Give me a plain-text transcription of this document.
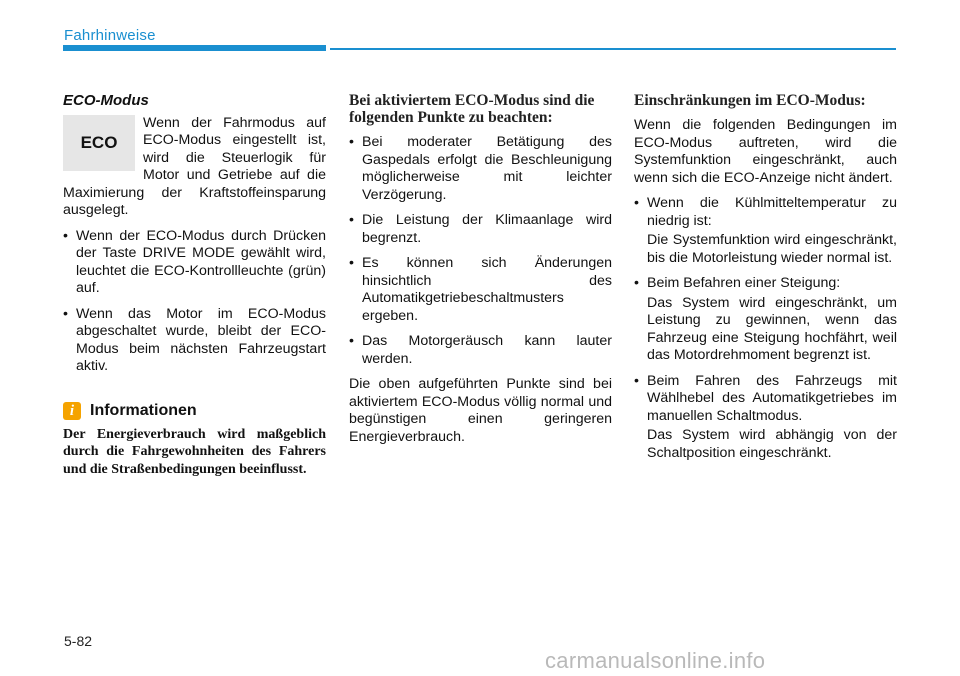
Fahrhinweise
ECO-Modus
ECO
Wenn der Fahrmodus auf ECO-Modus eingestellt ist, wird die Steuerlogik für Motor und Getriebe auf die Maximierung der Kraftstoffeinsparung ausgelegt.
• Wenn der ECO-Modus durch Drücken der Taste DRIVE MODE gewählt wird, leuchtet die ECO-Kontrollleuchte (grün) auf.
• Wenn das Motor im ECO-Modus abgeschaltet wurde, bleibt der ECO-Modus beim nächsten Fahrzeugstart aktiv.
i Informationen

Der Energieverbrauch wird maßgeblich durch die Fahrgewohnheiten des Fahrers und die Straßenbedingungen beeinflusst.

Bei aktiviertem ECO-Modus sind die folgenden Punkte zu beachten:
• Bei moderater Betätigung des Gaspedals erfolgt die Beschleunigung möglicherweise mit leichter Verzögerung.
• Die Leistung der Klimaanlage wird begrenzt.
• Es können sich Änderungen hinsichtlich des Automatikgetriebeschaltmusters ergeben.
• Das Motorgeräusch kann lauter werden.

Die oben aufgeführten Punkte sind bei aktiviertem ECO-Modus völlig normal und begünstigen einen geringeren Energieverbrauch.

Einschränkungen im ECO-Modus:

Wenn die folgenden Bedingungen im ECO-Modus auftreten, wird die Systemfunktion eingeschränkt, auch wenn sich die ECO-Anzeige nicht ändert.

• Wenn die Kühlmitteltemperatur zu niedrig ist:
Die Systemfunktion wird eingeschränkt, bis die Motorleistung wieder normal ist.
• Beim Befahren einer Steigung:
Das System wird eingeschränkt, um Leistung zu gewinnen, wenn das Fahrzeug eine Steigung hochfährt, weil das Motordrehmoment begrenzt ist.
• Beim Fahren des Fahrzeugs mit Wählhebel des Automatikgetriebes im manuellen Schaltmodus.
Das System wird abhängig von der Schaltposition eingeschränkt.
5-82
carmanualsonline.info
